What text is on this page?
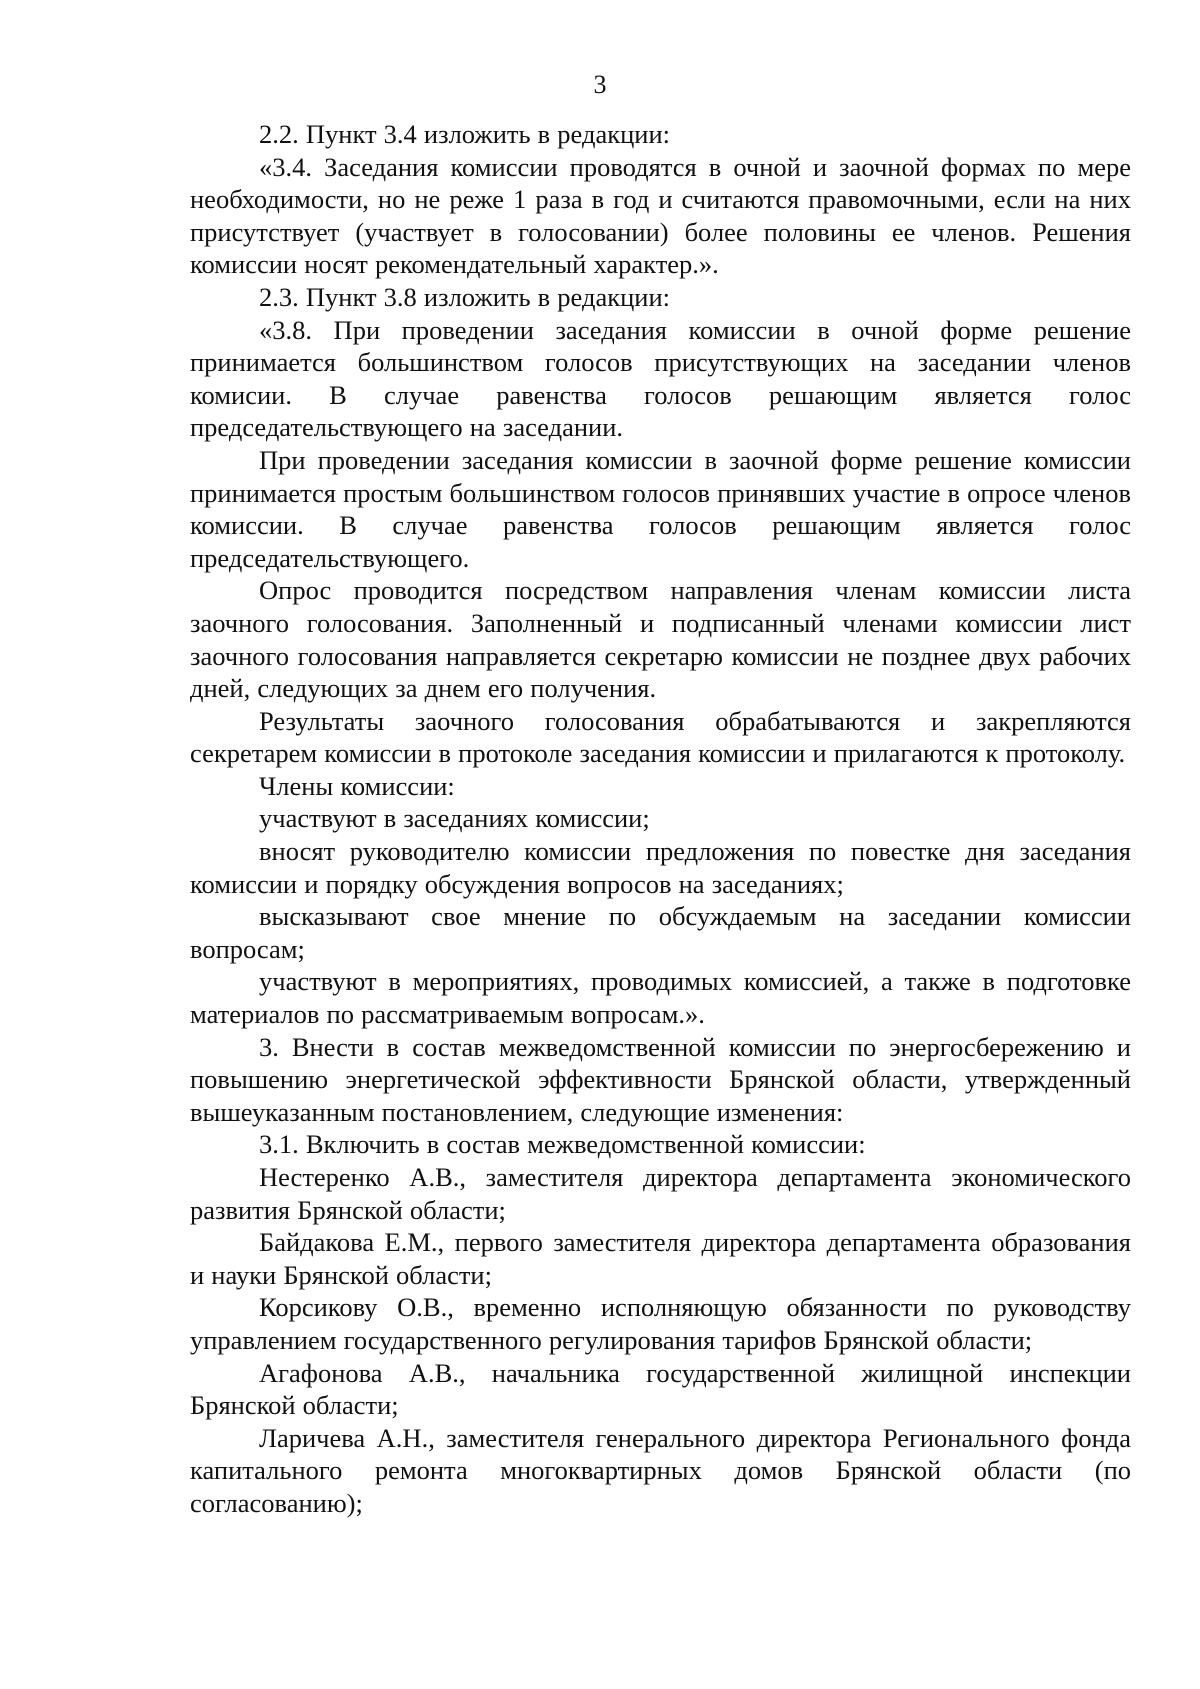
3

2.2. Пункт 3.4 изложить в редакции:

«3.4. Заседания комиссии проводятся в очной и заочной формах по мере необходимости, но не реже 1 раза в год и считаются правомочными, если на них присутствует (участвует в голосовании) более половины ее членов. Решения комиссии носят рекомендательный характер.».

2.3. Пункт 3.8 изложить в редакции:

«3.8. При проведении заседания комиссии в очной форме решение принимается большинством голосов присутствующих на заседании членов комисии. В случае равенства голосов решающим является голос председательствующего на заседании.

При проведении заседания комиссии в заочной форме решение комиссии принимается простым большинством голосов принявших участие в опросе членов комиссии. В случае равенства голосов решающим является голос председательствующего.

Опрос проводится посредством направления членам комиссии листа заочного голосования. Заполненный и подписанный членами комиссии лист заочного голосования направляется секретарю комиссии не позднее двух рабочих дней, следующих за днем его получения.

Результаты заочного голосования обрабатываются и закрепляются секретарем комиссии в протоколе заседания комиссии и прилагаются к протоколу.

Члены комиссии:

участвуют в заседаниях комиссии;

вносят руководителю комиссии предложения по повестке дня заседания комиссии и порядку обсуждения вопросов на заседаниях;

высказывают свое мнение по обсуждаемым на заседании комиссии вопросам;

участвуют в мероприятиях, проводимых комиссией, а также в подготовке материалов по рассматриваемым вопросам.».

3. Внести в состав межведомственной комиссии по энергосбережению и повышению энергетической эффективности Брянской области, утвержденный вышеуказанным постановлением, следующие изменения:

3.1. Включить в состав межведомственной комиссии:

Нестеренко А.В., заместителя директора департамента экономического развития Брянской области;

Байдакова Е.М., первого заместителя директора департамента образования и науки Брянской области;

Корсикову О.В., временно исполняющую обязанности по руководству управлением государственного регулирования тарифов Брянской области;

Агафонова А.В., начальника государственной жилищной инспекции Брянской области;

Ларичева А.Н., заместителя генерального директора Регионального фонда капитального ремонта многоквартирных домов Брянской области (по согласованию);
